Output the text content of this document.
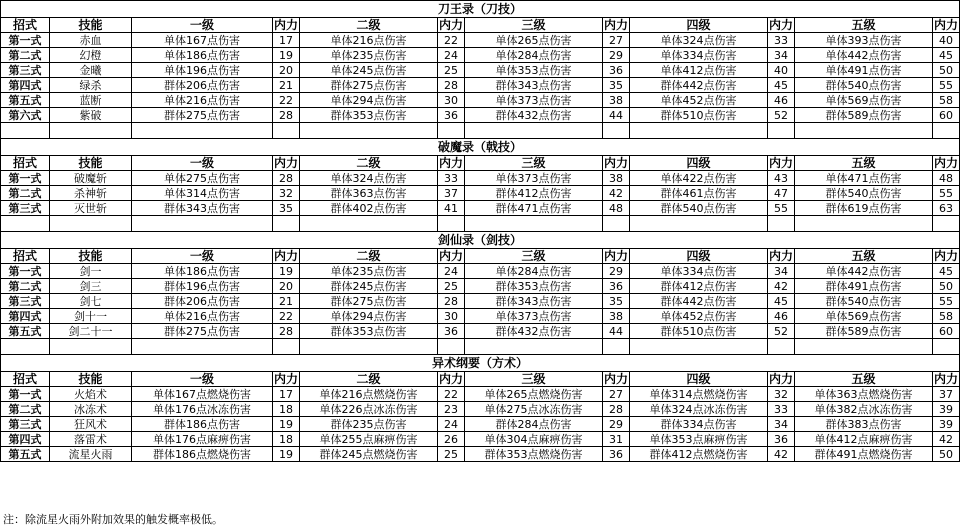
刀王录（刀技）											
招式	技能	一级	内力	二级	内力	三级	内力	四级	内力	五级	内力
第一式	赤血	单体167点伤害	17	单体216点伤害	22	单体265点伤害	27	单体324点伤害	33	单体393点伤害	40
第二式	幻橙	单体186点伤害	19	单体235点伤害	24	单体284点伤害	29	单体334点伤害	34	单体442点伤害	45
第三式	金曦	单体196点伤害	20	单体245点伤害	25	单体353点伤害	36	单体412点伤害	40	单体491点伤害	50
第四式	绿杀	群体206点伤害	21	群体275点伤害	28	群体343点伤害	35	群体442点伤害	45	群体540点伤害	55
第五式	蓝断	单体216点伤害	22	单体294点伤害	30	单体373点伤害	38	单体452点伤害	46	单体569点伤害	58
第六式	紫破	群体275点伤害	28	群体353点伤害	36	群体432点伤害	44	群体510点伤害	52	群体589点伤害	60

破魔录（戟技）											
招式	技能	一级	内力	二级	内力	三级	内力	四级	内力	五级	内力
第一式	破魔斩	单体275点伤害	28	单体324点伤害	33	单体373点伤害	38	单体422点伤害	43	单体471点伤害	48
第二式	杀神斩	单体314点伤害	32	群体363点伤害	37	群体412点伤害	42	群体461点伤害	47	群体540点伤害	55
第三式	灭世斩	群体343点伤害	35	群体402点伤害	41	群体471点伤害	48	群体540点伤害	55	群体619点伤害	63

剑仙录（剑技）											
招式	技能	一级	内力	二级	内力	三级	内力	四级	内力	五级	内力
第一式	剑一	单体186点伤害	19	单体235点伤害	24	单体284点伤害	29	单体334点伤害	34	单体442点伤害	45
第二式	剑三	群体196点伤害	20	群体245点伤害	25	群体353点伤害	36	群体412点伤害	42	群体491点伤害	50
第三式	剑七	群体206点伤害	21	群体275点伤害	28	群体343点伤害	35	群体442点伤害	45	群体540点伤害	55
第四式	剑十一	单体216点伤害	22	单体294点伤害	30	单体373点伤害	38	单体452点伤害	46	单体569点伤害	58
第五式	剑二十一	群体275点伤害	28	群体353点伤害	36	群体432点伤害	44	群体510点伤害	52	群体589点伤害	60

异术纲要（方术）											
招式	技能	一级	内力	二级	内力	三级	内力	四级	内力	五级	内力
第一式	火焰术	单体167点燃烧伤害	17	单体216点燃烧伤害	22	单体265点燃烧伤害	27	单体314点燃烧伤害	32	单体363点燃烧伤害	37
第二式	冰冻术	单体176点冰冻伤害	18	单体226点冰冻伤害	23	单体275点冰冻伤害	28	单体324点冰冻伤害	33	单体382点冰冻伤害	39
第三式	狂风术	群体186点伤害	19	群体235点伤害	24	群体284点伤害	29	群体334点伤害	34	群体383点伤害	39
第四式	落雷术	单体176点麻痹伤害	18	单体255点麻痹伤害	26	单体304点麻痹伤害	31	单体353点麻痹伤害	36	单体412点麻痹伤害	42
第五式	流星火雨	群体186点燃烧伤害	19	群体245点燃烧伤害	25	群体353点燃烧伤害	36	群体412点燃烧伤害	42	群体491点燃烧伤害	50
注：除流星火雨外附加效果的触发概率极低。
